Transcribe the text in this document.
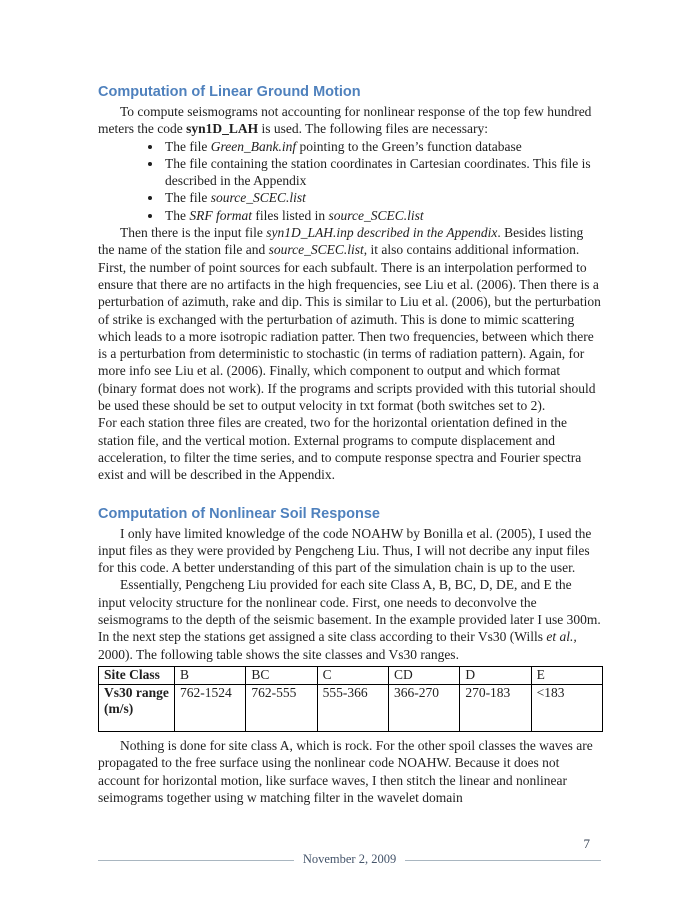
Computation of Linear Ground Motion

To compute seismograms not accounting for nonlinear response of the top few hundred meters the code syn1D_LAH is used. The following files are necessary:

• The file Green_Bank.inf pointing to the Green’s function database
• The file containing the station coordinates in Cartesian coordinates. This file is described in the Appendix
• The file source_SCEC.list
• The SRF format files listed in source_SCEC.list

Then there is the input file syn1D_LAH.inp described in the Appendix. Besides listing the name of the station file and source_SCEC.list, it also contains additional information. First, the number of point sources for each subfault. There is an interpolation performed to ensure that there are no artifacts in the high frequencies, see Liu et al. (2006). Then there is a perturbation of azimuth, rake and dip. This is similar to Liu et al. (2006), but the perturbation of strike is exchanged with the perturbation of azimuth. This is done to mimic scattering which leads to a more isotropic radiation patter. Then two frequencies, between which there is a perturbation from deterministic to stochastic (in terms of radiation pattern). Again, for more info see Liu et al. (2006). Finally, which component to output and which format (binary format does not work). If the programs and scripts provided with this tutorial should be used these should be set to output velocity in txt format (both switches set to 2).

For each station three files are created, two for the horizontal orientation defined in the station file, and the vertical motion. External programs to compute displacement and acceleration, to filter the time series, and to compute response spectra and Fourier spectra exist and will be described in the Appendix.

Computation of Nonlinear Soil Response

I only have limited knowledge of the code NOAHW by Bonilla et al. (2005), I used the input files as they were provided by Pengcheng Liu. Thus, I will not decribe any input files for this code. A better understanding of this part of the simulation chain is up to the user.

Essentially, Pengcheng Liu provided for each site Class A, B, BC, D, DE, and E the input velocity structure for the nonlinear code. First, one needs to deconvolve the seismograms to the depth of the seismic basement. In the example provided later I use 300m. In the next step the stations get assigned a site class according to their Vs30 (Wills et al., 2000). The following table shows the site classes and Vs30 ranges.

Site Class	B	BC	C	CD	D	E
Vs30 range (m/s)	762-1524	762-555	555-366	366-270	270-183	<183

Nothing is done for site class A, which is rock. For the other spoil classes the waves are propagated to the free surface using the nonlinear code NOAHW. Because it does not account for horizontal motion, like surface waves, I then stitch the linear and nonlinear seimograms together using w matching filter in the wavelet domain

7
November 2, 2009
